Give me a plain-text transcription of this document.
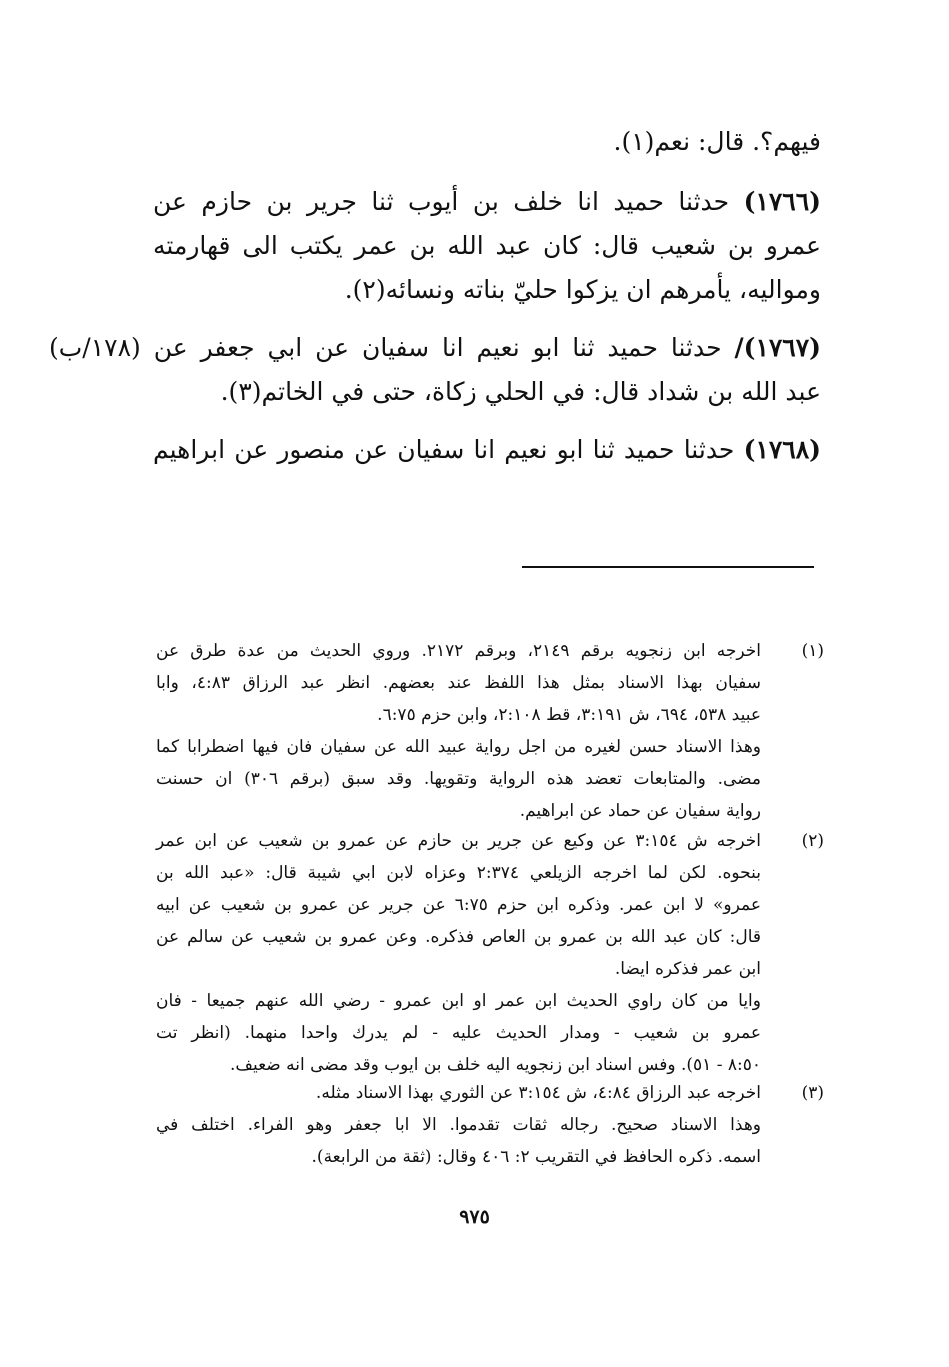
فيهم؟. قال: نعم(١).
(١٧٦٦) حدثنا حميد انا خلف بن أيوب ثنا جرير بن حازم عن
عمرو بن شعيب قال: كان عبد الله بن عمر يكتب الى قهارمته
ومواليه، يأمرهم ان يزكوا حليّ بناته ونسائه(٢).
(١٧٦٧)/ حدثنا حميد ثنا ابو نعيم انا سفيان عن ابي جعفر عن (١٧٨/ب)
عبد الله بن شداد قال: في الحلي زكاة، حتى في الخاتم(٣).
(١٧٦٨) حدثنا حميد ثنا ابو نعيم انا سفيان عن منصور عن ابراهيم
(١)
اخرجه ابن زنجويه برقم ٢١٤٩، وبرقم ٢١٧٢. وروي الحديث من عدة طرق عن
سفيان بهذا الاسناد بمثل هذا اللفظ عند بعضهم. انظر عبد الرزاق ٤:٨٣، وابا
عبيد ٥٣٨، ٦٩٤، ش ٣:١٩١، قط ٢:١٠٨، وابن حزم ٦:٧٥.
وهذا الاسناد حسن لغيره من اجل رواية عبيد الله عن سفيان فان فيها اضطرابا كما
مضى. والمتابعات تعضد هذه الرواية وتقويها. وقد سبق (برقم ٣٠٦) ان حسنت
رواية سفيان عن حماد عن ابراهيم.
(٢)
اخرجه ش ٣:١٥٤ عن وكيع عن جرير بن حازم عن عمرو بن شعيب عن ابن عمر
بنحوه. لكن لما اخرجه الزيلعي ٢:٣٧٤ وعزاه لابن ابي شيبة قال: «عبد الله بن
عمرو» لا ابن عمر. وذكره ابن حزم ٦:٧٥ عن جرير عن عمرو بن شعيب عن ابيه
قال: كان عبد الله بن عمرو بن العاص فذكره. وعن عمرو بن شعيب عن سالم عن
ابن عمر فذكره ايضا.
وايا من كان راوي الحديث ابن عمر او ابن عمرو - رضي الله عنهم جميعا - فان
عمرو بن شعيب - ومدار الحديث عليه - لم يدرك واحدا منهما. (انظر تت
٨:٥٠ - ٥١). وفس اسناد ابن زنجويه اليه خلف بن ايوب وقد مضى انه ضعيف.
(٣)
اخرجه عبد الرزاق ٤:٨٤، ش ٣:١٥٤ عن الثوري بهذا الاسناد مثله.
وهذا الاسناد صحيح. رجاله ثقات تقدموا. الا ابا جعفر وهو الفراء. اختلف في
اسمه. ذكره الحافظ في التقريب ٢: ٤٠٦ وقال: (ثقة من الرابعة).
٩٧٥
